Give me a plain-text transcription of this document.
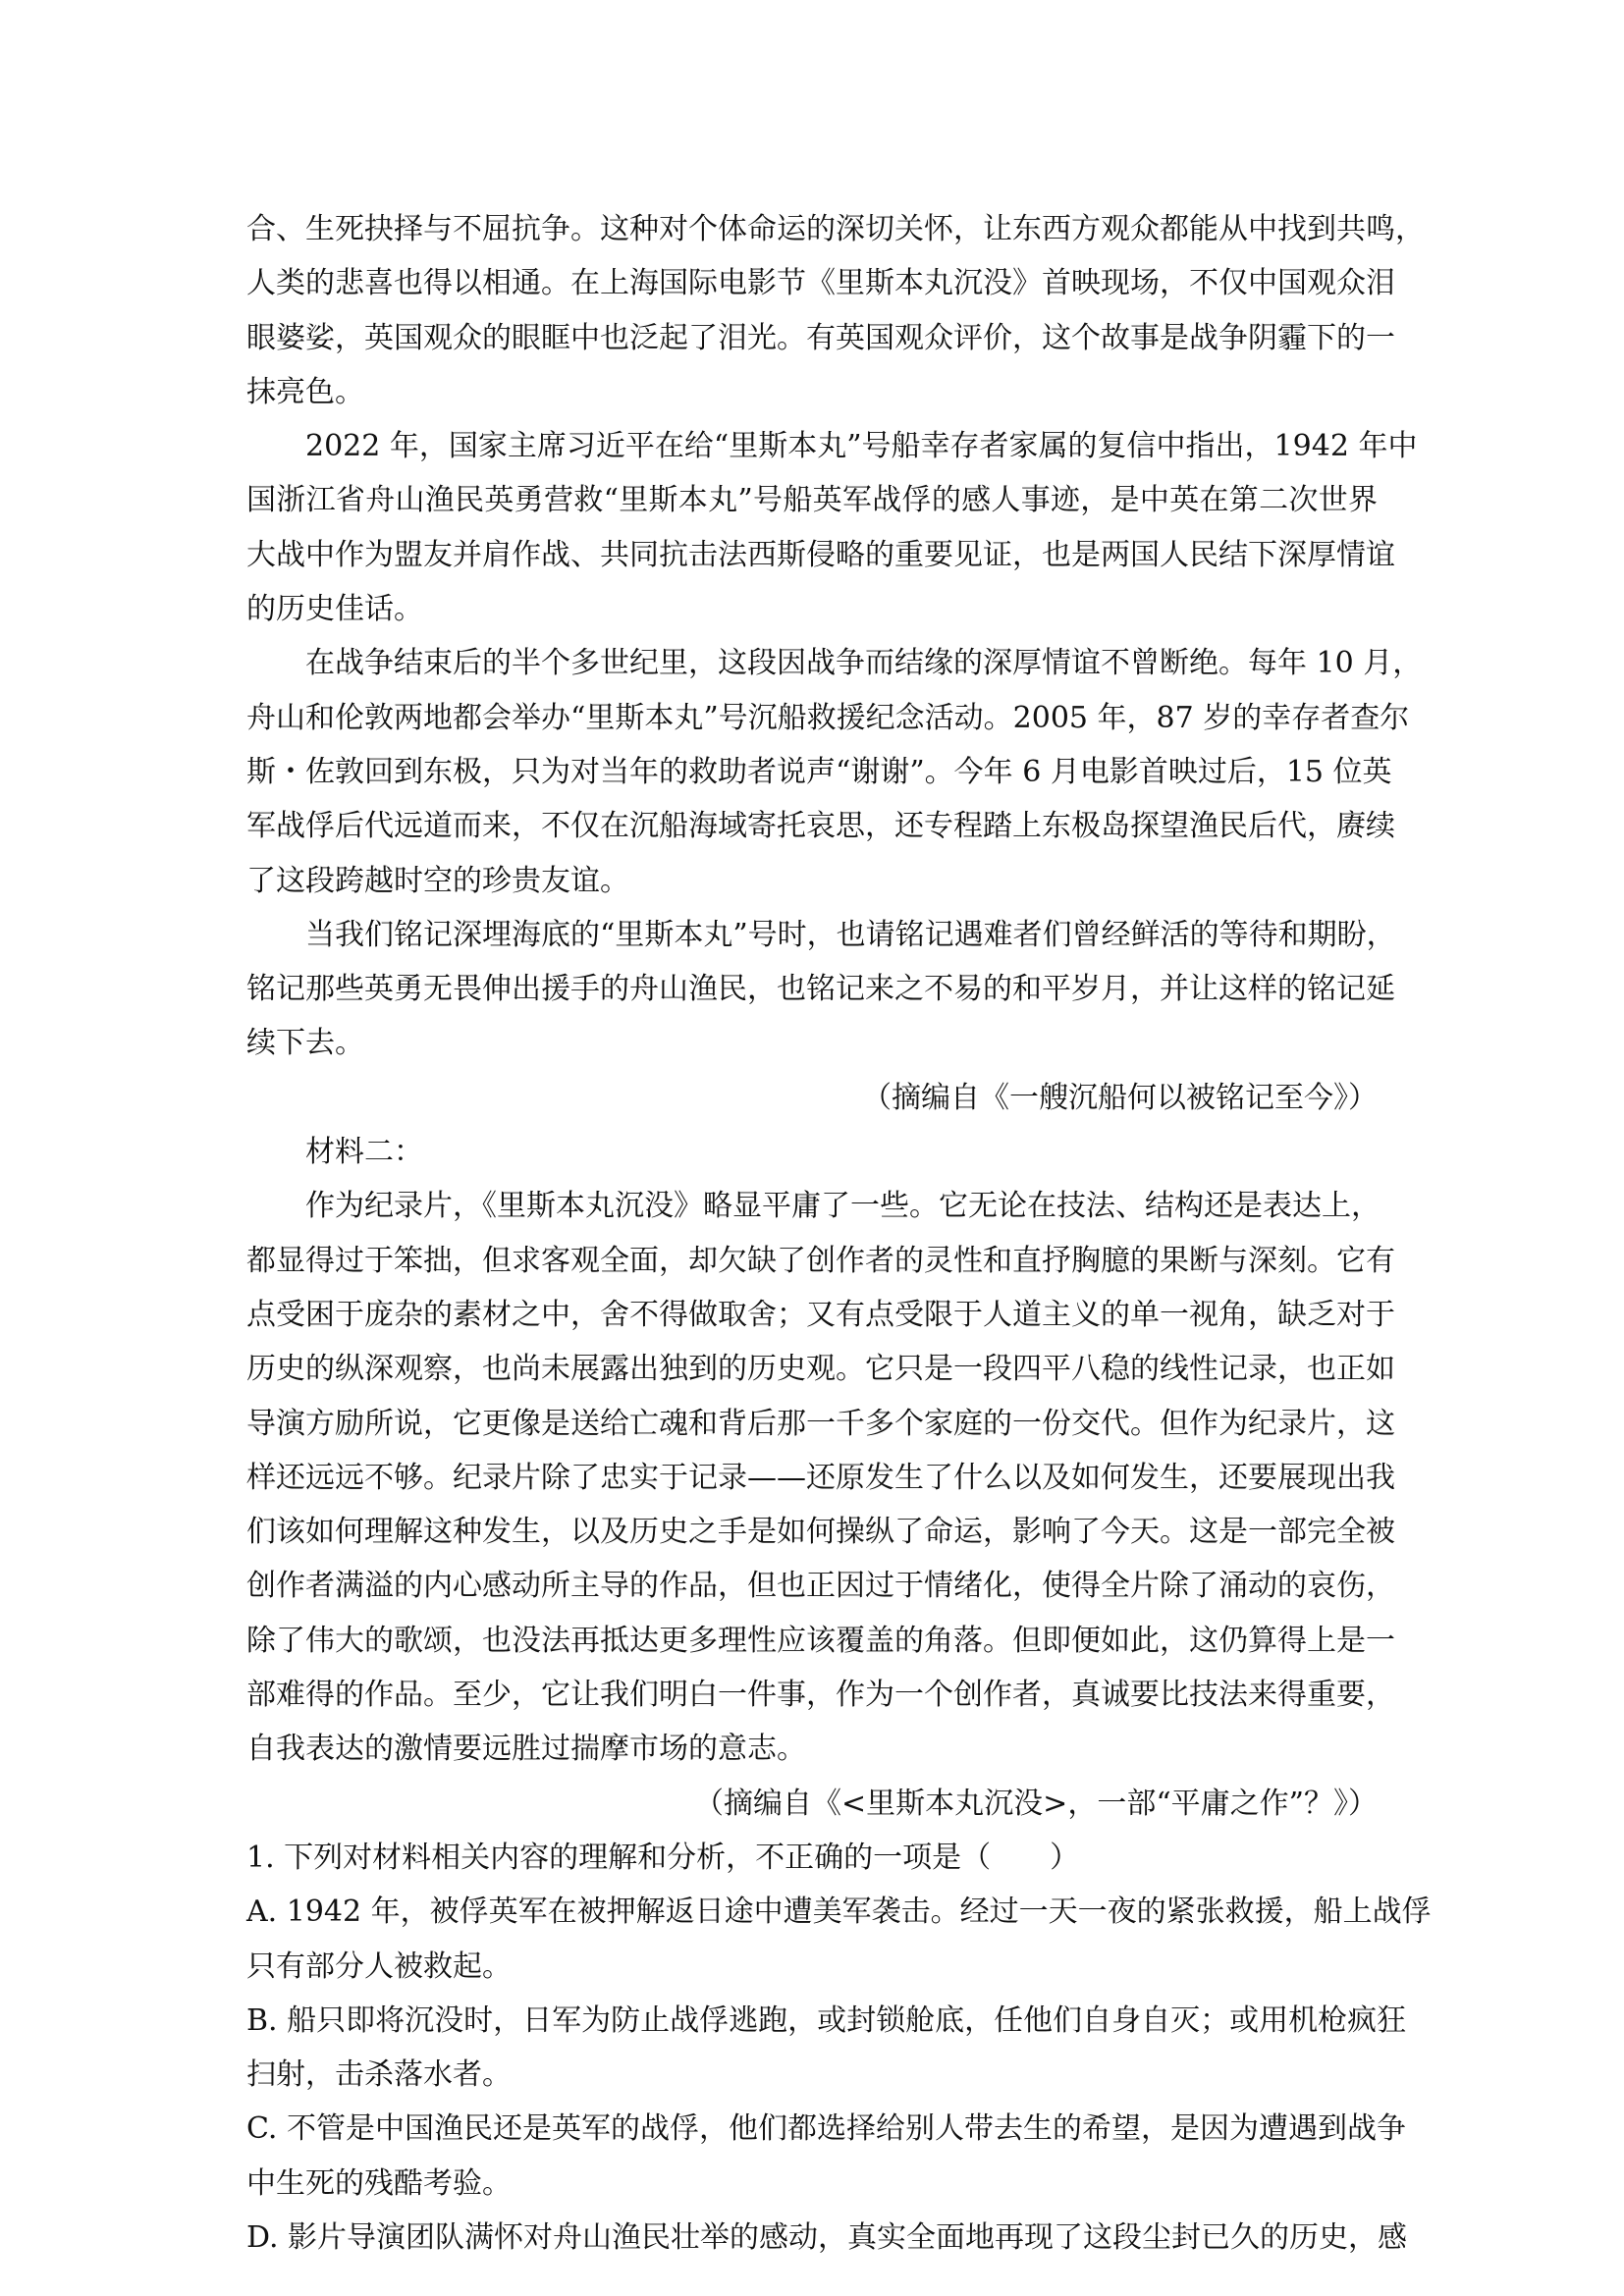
合、生死抉择与不屈抗争。这种对个体命运的深切关怀，让东西方观众都能从中找到共鸣，
人类的悲喜也得以相通。在上海国际电影节《里斯本丸沉没》首映现场，不仅中国观众泪
眼婆娑，英国观众的眼眶中也泛起了泪光。有英国观众评价，这个故事是战争阴霾下的一
抹亮色。
2022 年，国家主席习近平在给“里斯本丸”号船幸存者家属的复信中指出，1942 年中
国浙江省舟山渔民英勇营救“里斯本丸”号船英军战俘的感人事迹，是中英在第二次世界
大战中作为盟友并肩作战、共同抗击法西斯侵略的重要见证，也是两国人民结下深厚情谊
的历史佳话。
在战争结束后的半个多世纪里，这段因战争而结缘的深厚情谊不曾断绝。每年 10 月，
舟山和伦敦两地都会举办“里斯本丸”号沉船救援纪念活动。2005 年，87 岁的幸存者查尔
斯・佐敦回到东极，只为对当年的救助者说声“谢谢”。今年 6 月电影首映过后，15 位英
军战俘后代远道而来，不仅在沉船海域寄托哀思，还专程踏上东极岛探望渔民后代，赓续
了这段跨越时空的珍贵友谊。
当我们铭记深埋海底的“里斯本丸”号时，也请铭记遇难者们曾经鲜活的等待和期盼，
铭记那些英勇无畏伸出援手的舟山渔民，也铭记来之不易的和平岁月，并让这样的铭记延
续下去。
（摘编自《一艘沉船何以被铭记至今》）
材料二：
作为纪录片，《里斯本丸沉没》略显平庸了一些。它无论在技法、结构还是表达上，
都显得过于笨拙，但求客观全面，却欠缺了创作者的灵性和直抒胸臆的果断与深刻。它有
点受困于庞杂的素材之中，舍不得做取舍；又有点受限于人道主义的单一视角，缺乏对于
历史的纵深观察，也尚未展露出独到的历史观。它只是一段四平八稳的线性记录，也正如
导演方励所说，它更像是送给亡魂和背后那一千多个家庭的一份交代。但作为纪录片，这
样还远远不够。纪录片除了忠实于记录——还原发生了什么以及如何发生，还要展现出我
们该如何理解这种发生，以及历史之手是如何操纵了命运，影响了今天。这是一部完全被
创作者满溢的内心感动所主导的作品，但也正因过于情绪化，使得全片除了涌动的哀伤，
除了伟大的歌颂，也没法再抵达更多理性应该覆盖的角落。但即便如此，这仍算得上是一
部难得的作品。至少，它让我们明白一件事，作为一个创作者，真诚要比技法来得重要，
自我表达的激情要远胜过揣摩市场的意志。
（摘编自《<里斯本丸沉没>，一部“平庸之作”？》）
1. 下列对材料相关内容的理解和分析，不正确的一项是（　　）
A. 1942 年，被俘英军在被押解返日途中遭美军袭击。经过一天一夜的紧张救援，船上战俘
只有部分人被救起。
B. 船只即将沉没时，日军为防止战俘逃跑，或封锁舱底，任他们自身自灭；或用机枪疯狂
扫射，击杀落水者。
C. 不管是中国渔民还是英军的战俘，他们都选择给别人带去生的希望，是因为遭遇到战争
中生死的残酷考验。
D. 影片导演团队满怀对舟山渔民壮举的感动，真实全面地再现了这段尘封已久的历史，感
